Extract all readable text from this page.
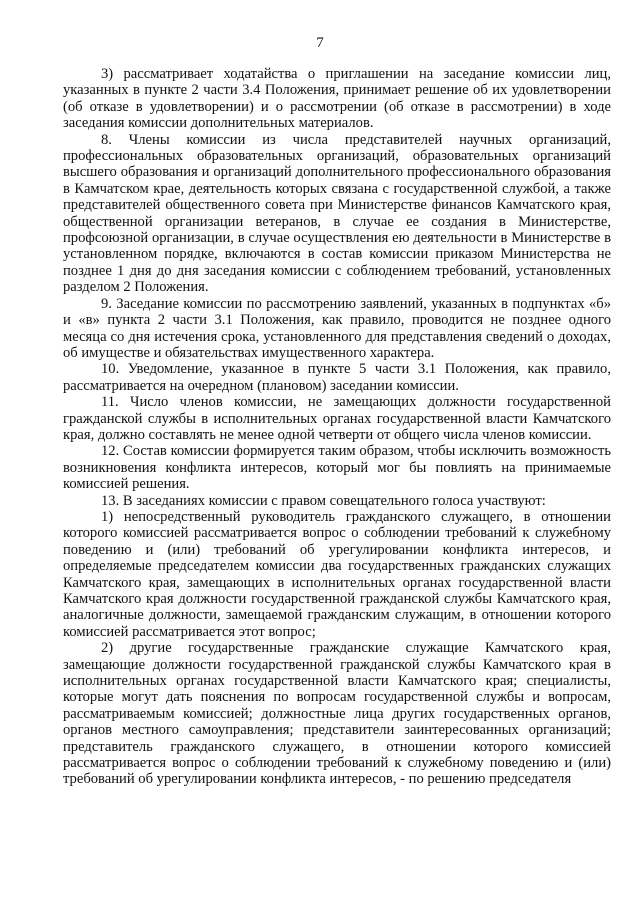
7

3) рассматривает ходатайства о приглашении на заседание комиссии лиц, указанных в пункте 2 части 3.4 Положения, принимает решение об их удовлетворении (об отказе в удовлетворении) и о рассмотрении (об отказе в рассмотрении) в ходе заседания комиссии дополнительных материалов.

8. Члены комиссии из числа представителей научных организаций, профессиональных образовательных организаций, образовательных организаций высшего образования и организаций дополнительного профессионального образования в Камчатском крае, деятельность которых связана с государственной службой, а также представителей общественного совета при Министерстве финансов Камчатского края, общественной организации ветеранов, в случае ее создания в Министерстве, профсоюзной организации, в случае осуществления ею деятельности в Министерстве в установленном порядке, включаются в состав комиссии приказом Министерства не позднее 1 дня до дня заседания комиссии с соблюдением требований, установленных разделом 2 Положения.

9. Заседание комиссии по рассмотрению заявлений, указанных в подпунктах «б» и «в» пункта 2 части 3.1 Положения, как правило, проводится не позднее одного месяца со дня истечения срока, установленного для представления сведений о доходах, об имуществе и обязательствах имущественного характера.

10. Уведомление, указанное в пункте 5 части 3.1 Положения, как правило, рассматривается на очередном (плановом) заседании комиссии.

11. Число членов комиссии, не замещающих должности государственной гражданской службы в исполнительных органах государственной власти Камчатского края, должно составлять не менее одной четверти от общего числа членов комиссии.

12. Состав комиссии формируется таким образом, чтобы исключить возможность возникновения конфликта интересов, который мог бы повлиять на принимаемые комиссией решения.

13. В заседаниях комиссии с правом совещательного голоса участвуют:

1) непосредственный руководитель гражданского служащего, в отношении которого комиссией рассматривается вопрос о соблюдении требований к служебному поведению и (или) требований об урегулировании конфликта интересов, и определяемые председателем комиссии два государственных гражданских служащих Камчатского края, замещающих в исполнительных органах государственной власти Камчатского края должности государственной гражданской службы Камчатского края, аналогичные должности, замещаемой гражданским служащим, в отношении которого комиссией рассматривается этот вопрос;

2) другие государственные гражданские служащие Камчатского края, замещающие должности государственной гражданской службы Камчатского края в исполнительных органах государственной власти Камчатского края; специалисты, которые могут дать пояснения по вопросам государственной службы и вопросам, рассматриваемым комиссией; должностные лица других государственных органов, органов местного самоуправления; представители заинтересованных организаций; представитель гражданского служащего, в отношении которого комиссией рассматривается вопрос о соблюдении требований к служебному поведению и (или) требований об урегулировании конфликта интересов, - по решению председателя
